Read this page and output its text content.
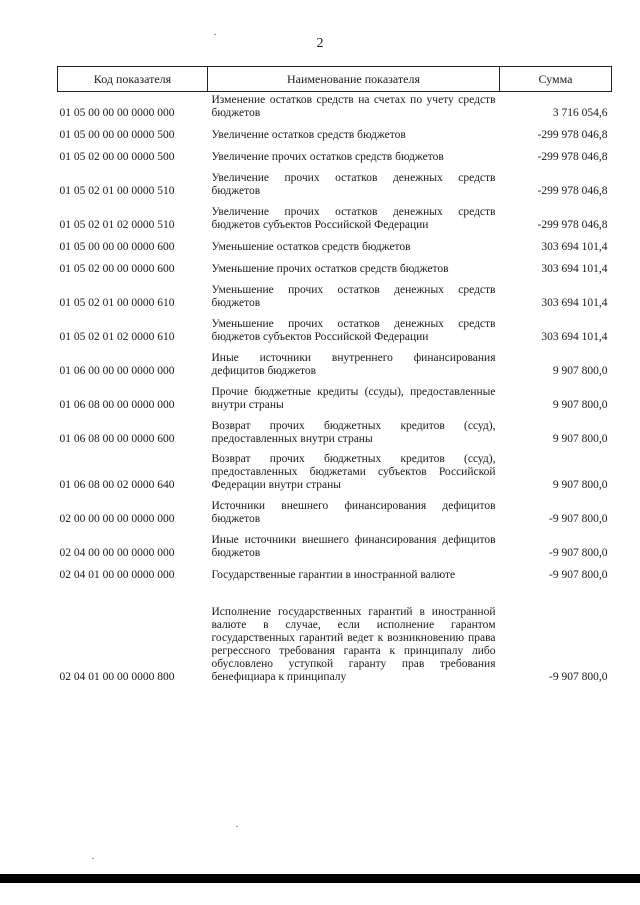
2
Код показателя	Наименование показателя	Сумма
01 05 00 00 00 0000 000	Изменение остатков средств на счетах по учету средств бюджетов	3 716 054,6
01 05 00 00 00 0000 500	Увеличение остатков средств бюджетов	-299 978 046,8
01 05 02 00 00 0000 500	Увеличение прочих остатков средств бюджетов	-299 978 046,8
01 05 02 01 00 0000 510	Увеличение прочих остатков денежных средств бюджетов	-299 978 046,8
01 05 02 01 02 0000 510	Увеличение прочих остатков денежных средств бюджетов субъектов Российской Федерации	-299 978 046,8
01 05 00 00 00 0000 600	Уменьшение остатков средств бюджетов	303 694 101,4
01 05 02 00 00 0000 600	Уменьшение прочих остатков средств бюджетов	303 694 101,4
01 05 02 01 00 0000 610	Уменьшение прочих остатков денежных средств бюджетов	303 694 101,4
01 05 02 01 02 0000 610	Уменьшение прочих остатков денежных средств бюджетов субъектов Российской Федерации	303 694 101,4
01 06 00 00 00 0000 000	Иные источники внутреннего финансирования дефицитов бюджетов	9 907 800,0
01 06 08 00 00 0000 000	Прочие бюджетные кредиты (ссуды), предоставленные внутри страны	9 907 800,0
01 06 08 00 00 0000 600	Возврат прочих бюджетных кредитов (ссуд), предоставленных внутри страны	9 907 800,0
01 06 08 00 02 0000 640	Возврат прочих бюджетных кредитов (ссуд), предоставленных бюджетами субъектов Российской Федерации внутри страны	9 907 800,0
02 00 00 00 00 0000 000	Источники внешнего финансирования дефицитов бюджетов	-9 907 800,0
02 04 00 00 00 0000 000	Иные источники внешнего финансирования дефицитов бюджетов	-9 907 800,0
02 04 01 00 00 0000 000	Государственные гарантии в иностранной валюте	-9 907 800,0
02 04 01 00 00 0000 800	Исполнение государственных гарантий в иностранной валюте в случае, если исполнение гарантом государственных гарантий ведет к возникновению права регрессного требования гаранта к принципалу либо обусловлено уступкой гаранту прав требования бенефициара к принципалу	-9 907 800,0
